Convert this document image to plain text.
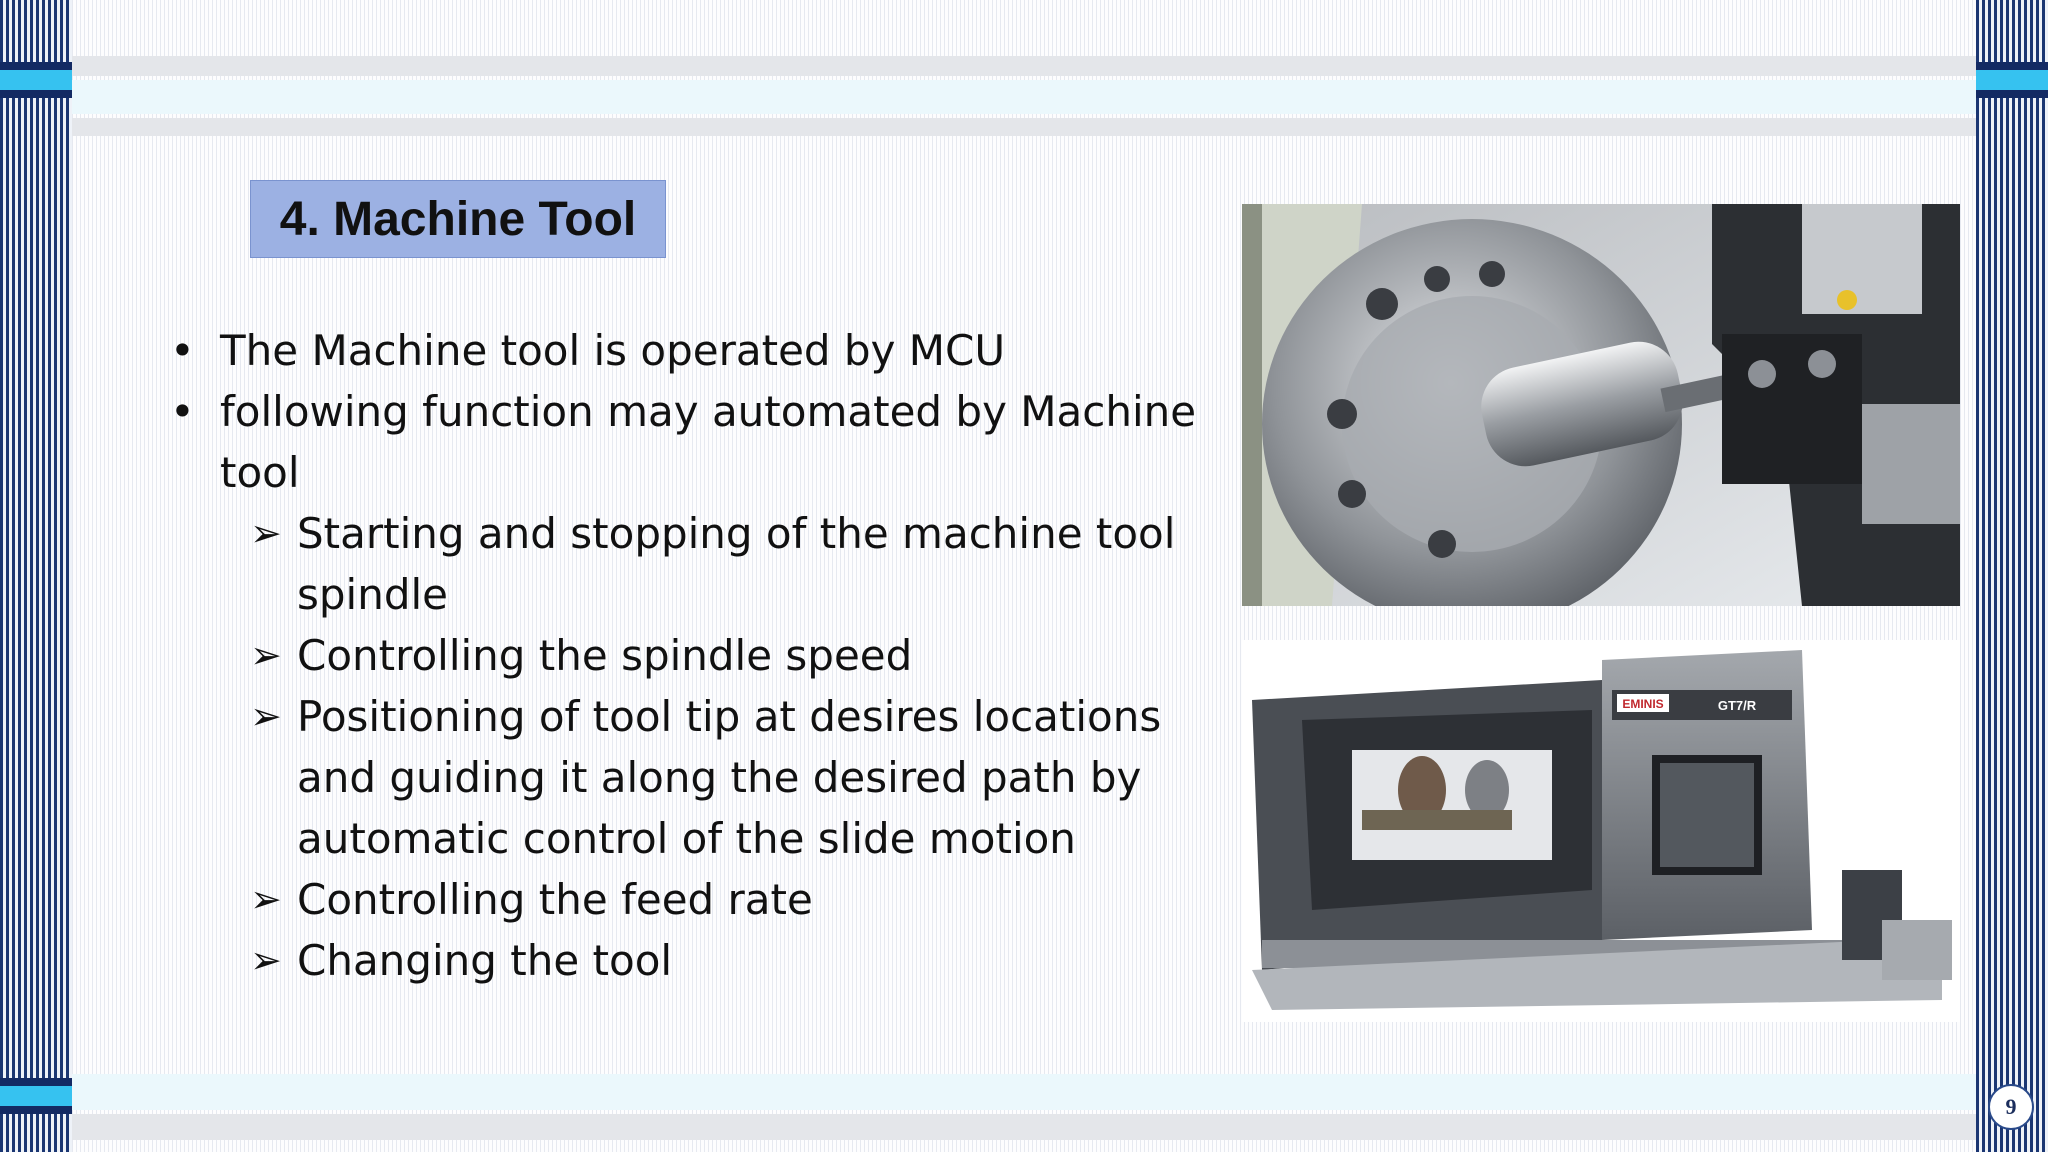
4. Machine Tool
• The Machine tool is operated by MCU
• following function may automated by Machine tool
➢ Starting and stopping of the machine tool spindle
➢ Controlling the spindle speed
➢ Positioning of tool tip at desires locations and guiding it along the desired path by automatic control of the slide motion
➢ Controlling the feed rate
➢ Changing the tool
EMINIS	GT7/R
9
